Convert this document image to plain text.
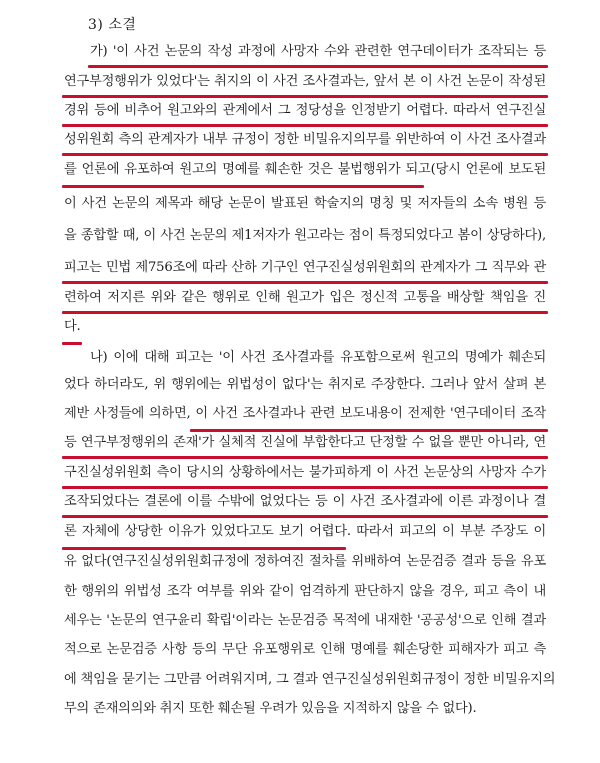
3) 소결
가) '이 사건 논문의 작성 과정에 사망자 수와 관련한 연구데이터가 조작되는 등
연구부정행위가 있었다'는 취지의 이 사건 조사결과는, 앞서 본 이 사건 논문이 작성된
경위 등에 비추어 원고와의 관계에서 그 정당성을 인정받기 어렵다. 따라서 연구진실
성위원회 측의 관계자가 내부 규정이 정한 비밀유지의무를 위반하여 이 사건 조사결과
를 언론에 유포하여 원고의 명예를 훼손한 것은 불법행위가 되고(당시 언론에 보도된
이 사건 논문의 제목과 해당 논문이 발표된 학술지의 명칭 및 저자들의 소속 병원 등
을 종합할 때, 이 사건 논문의 제1저자가 원고라는 점이 특정되었다고 봄이 상당하다),
피고는 민법 제756조에 따라 산하 기구인 연구진실성위원회의 관계자가 그 직무와 관
련하여 저지른 위와 같은 행위로 인해 원고가 입은 정신적 고통을 배상할 책임을 진
다.
나) 이에 대해 피고는 '이 사건 조사결과를 유포함으로써 원고의 명예가 훼손되
었다 하더라도, 위 행위에는 위법성이 없다'는 취지로 주장한다. 그러나 앞서 살펴 본
제반 사정들에 의하면, 이 사건 조사결과나 관련 보도내용이 전제한 '연구데이터 조작
등 연구부정행위의 존재'가 실체적 진실에 부합한다고 단정할 수 없을 뿐만 아니라, 연
구진실성위원회 측이 당시의 상황하에서는 불가피하게 이 사건 논문상의 사망자 수가
조작되었다는 결론에 이를 수밖에 없었다는 등 이 사건 조사결과에 이른 과정이나 결
론 자체에 상당한 이유가 있었다고도 보기 어렵다. 따라서 피고의 이 부분 주장도 이
유 없다(연구진실성위원회규정에 정하여진 절차를 위배하여 논문검증 결과 등을 유포
한 행위의 위법성 조각 여부를 위와 같이 엄격하게 판단하지 않을 경우, 피고 측이 내
세우는 '논문의 연구윤리 확립'이라는 논문검증 목적에 내재한 '공공성'으로 인해 결과
적으로 논문검증 사항 등의 무단 유포행위로 인해 명예를 훼손당한 피해자가 피고 측
에 책임을 묻기는 그만큼 어려워지며, 그 결과 연구진실성위원회규정이 정한 비밀유지의
무의 존재의의와 취지 또한 훼손될 우려가 있음을 지적하지 않을 수 없다).
